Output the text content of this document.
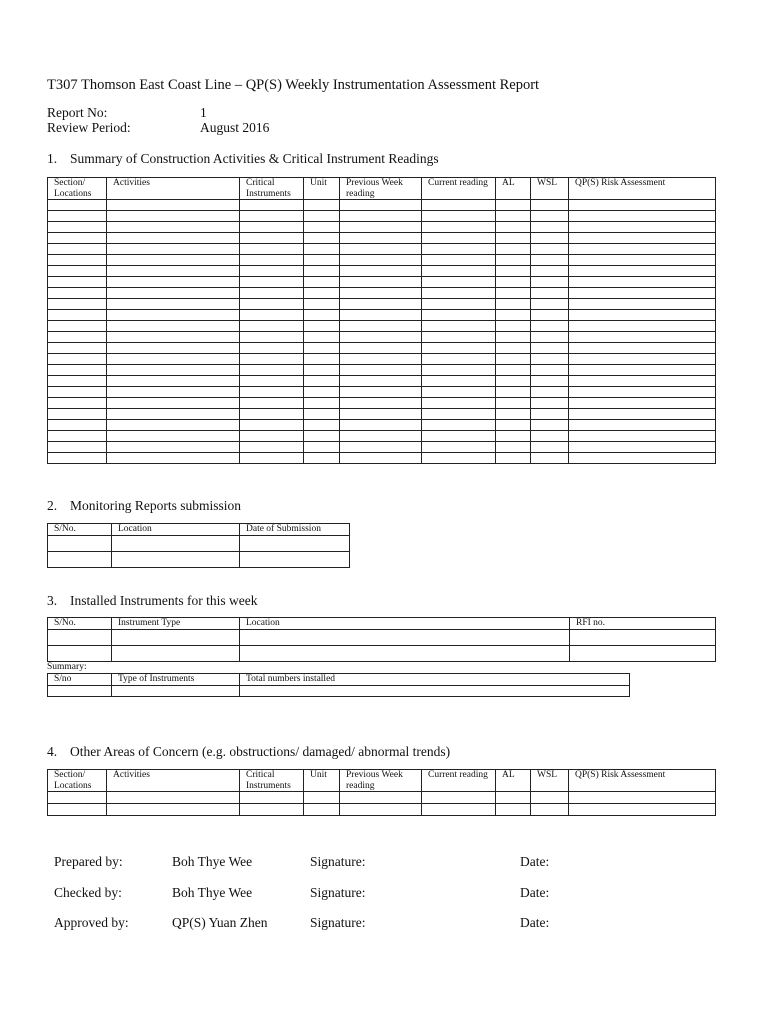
T307 Thomson East Coast Line – QP(S) Weekly Instrumentation Assessment Report
Report No:	1
Review Period:	August 2016
1. Summary of Construction Activities & Critical Instrument Readings
Section/ Locations	Activities	Critical Instruments	Unit	Previous Week reading	Current reading	AL	WSL	QP(S) Risk Assessment

2. Monitoring Reports submission
S/No.	Location	Date of Submission

3. Installed Instruments for this week
S/No.	Instrument Type	Location	RFI no.

Summary:
S/no	Type of Instruments	Total numbers installed

4. Other Areas of Concern (e.g. obstructions/ damaged/ abnormal trends)
Section/ Locations	Activities	Critical Instruments	Unit	Previous Week reading	Current reading	AL	WSL	QP(S) Risk Assessment

Prepared by:	Boh Thye Wee	Signature:	Date:
Checked by:	Boh Thye Wee	Signature:	Date:
Approved by:	QP(S) Yuan Zhen	Signature:	Date:
